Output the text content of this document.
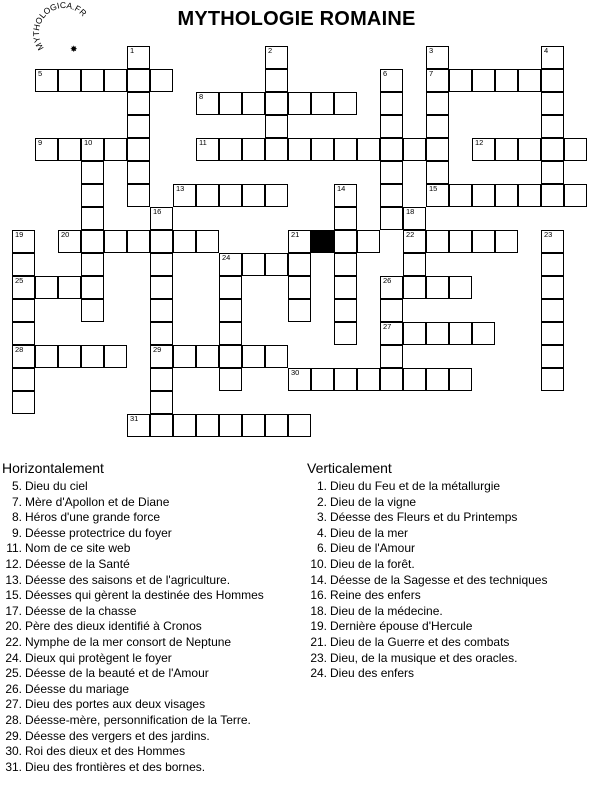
MYTHOLOGIE ROMAINE
MYTHOLOGICA.FR
✸	1	2	3	4
5	6	7
8
9	10	11	12
13	14	15
16	18
19	20	21	22	23
24
25	26
27
28	29
30
31
Horizontalement
5. Dieu du ciel
7. Mère d'Apollon et de Diane
8. Héros d'une grande force
9. Déesse protectrice du foyer
11. Nom de ce site web
12. Déesse de la Santé
13. Déesse des saisons et de l'agriculture.
15. Déesses qui gèrent la destinée des Hommes
17. Déesse de la chasse
20. Père des dieux identifié à Cronos
22. Nymphe de la mer consort de Neptune
24. Dieux qui protègent le foyer
25. Déesse de la beauté et de l'Amour
26. Déesse du mariage
27. Dieu des portes aux deux visages
28. Déesse-mère, personnification de la Terre.
29. Déesse des vergers et des jardins.
30. Roi des dieux et des Hommes
31. Dieu des frontières et des bornes.
Verticalement
1. Dieu du Feu et de la métallurgie
2. Dieu de la vigne
3. Déesse des Fleurs et du Printemps
4. Dieu de la mer
6. Dieu de l'Amour
10. Dieu de la forêt.
14. Déesse de la Sagesse et des techniques
16. Reine des enfers
18. Dieu de la médecine.
19. Dernière épouse d'Hercule
21. Dieu de la Guerre et des combats
23. Dieu, de la musique et des oracles.
24. Dieu des enfers
